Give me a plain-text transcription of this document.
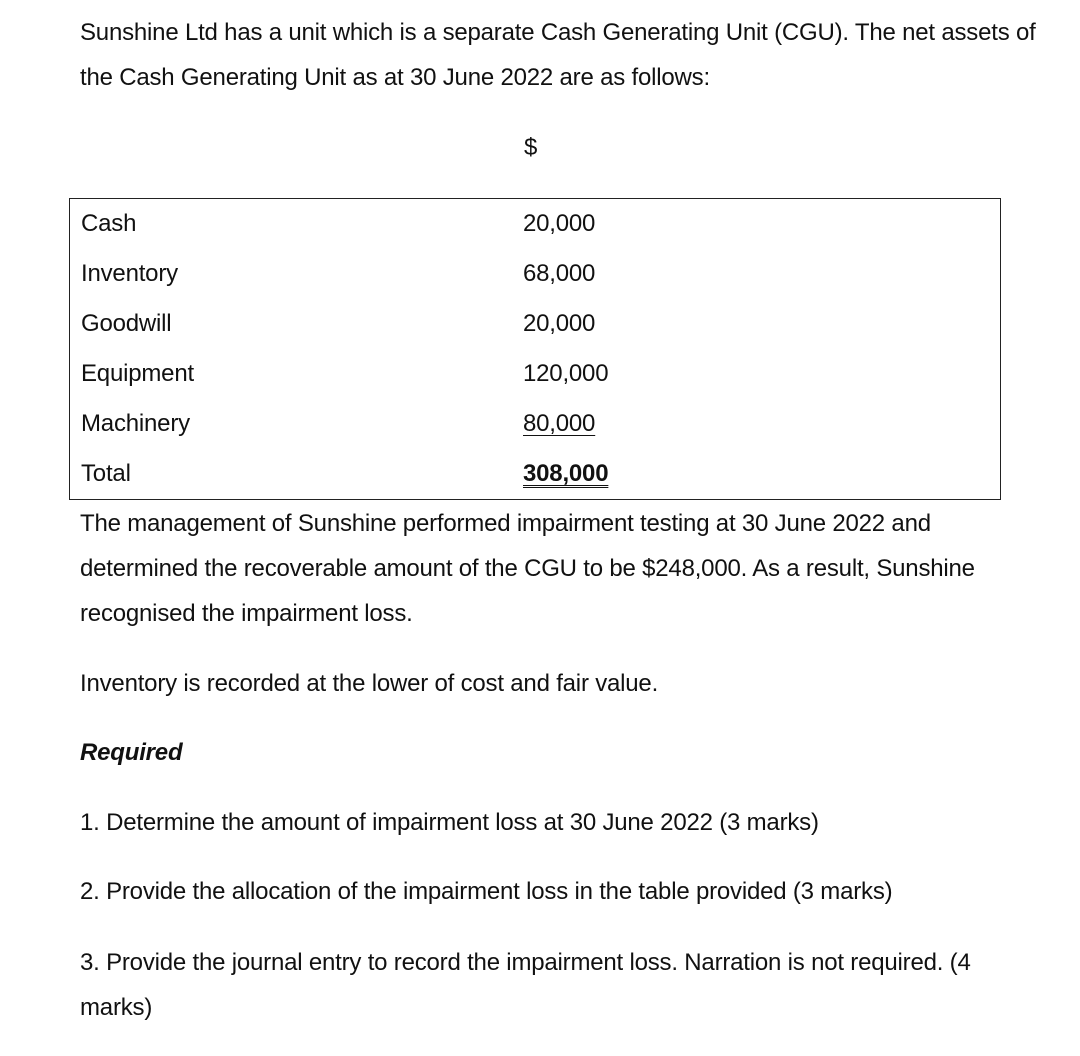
Sunshine Ltd has a unit which is a separate Cash Generating Unit (CGU). The net assets of the Cash Generating Unit as at 30 June 2022 are as follows:

$
Cash	20,000
Inventory	68,000
Goodwill	20,000
Equipment	120,000
Machinery	80,000
Total	308,000

The management of Sunshine performed impairment testing at 30 June 2022 and determined the recoverable amount of the CGU to be $248,000. As a result, Sunshine recognised the impairment loss.

Inventory is recorded at the lower of cost and fair value.

Required

1. Determine the amount of impairment loss at 30 June 2022 (3 marks)

2. Provide the allocation of the impairment loss in the table provided (3 marks)

3. Provide the journal entry to record the impairment loss. Narration is not required. (4 marks)
